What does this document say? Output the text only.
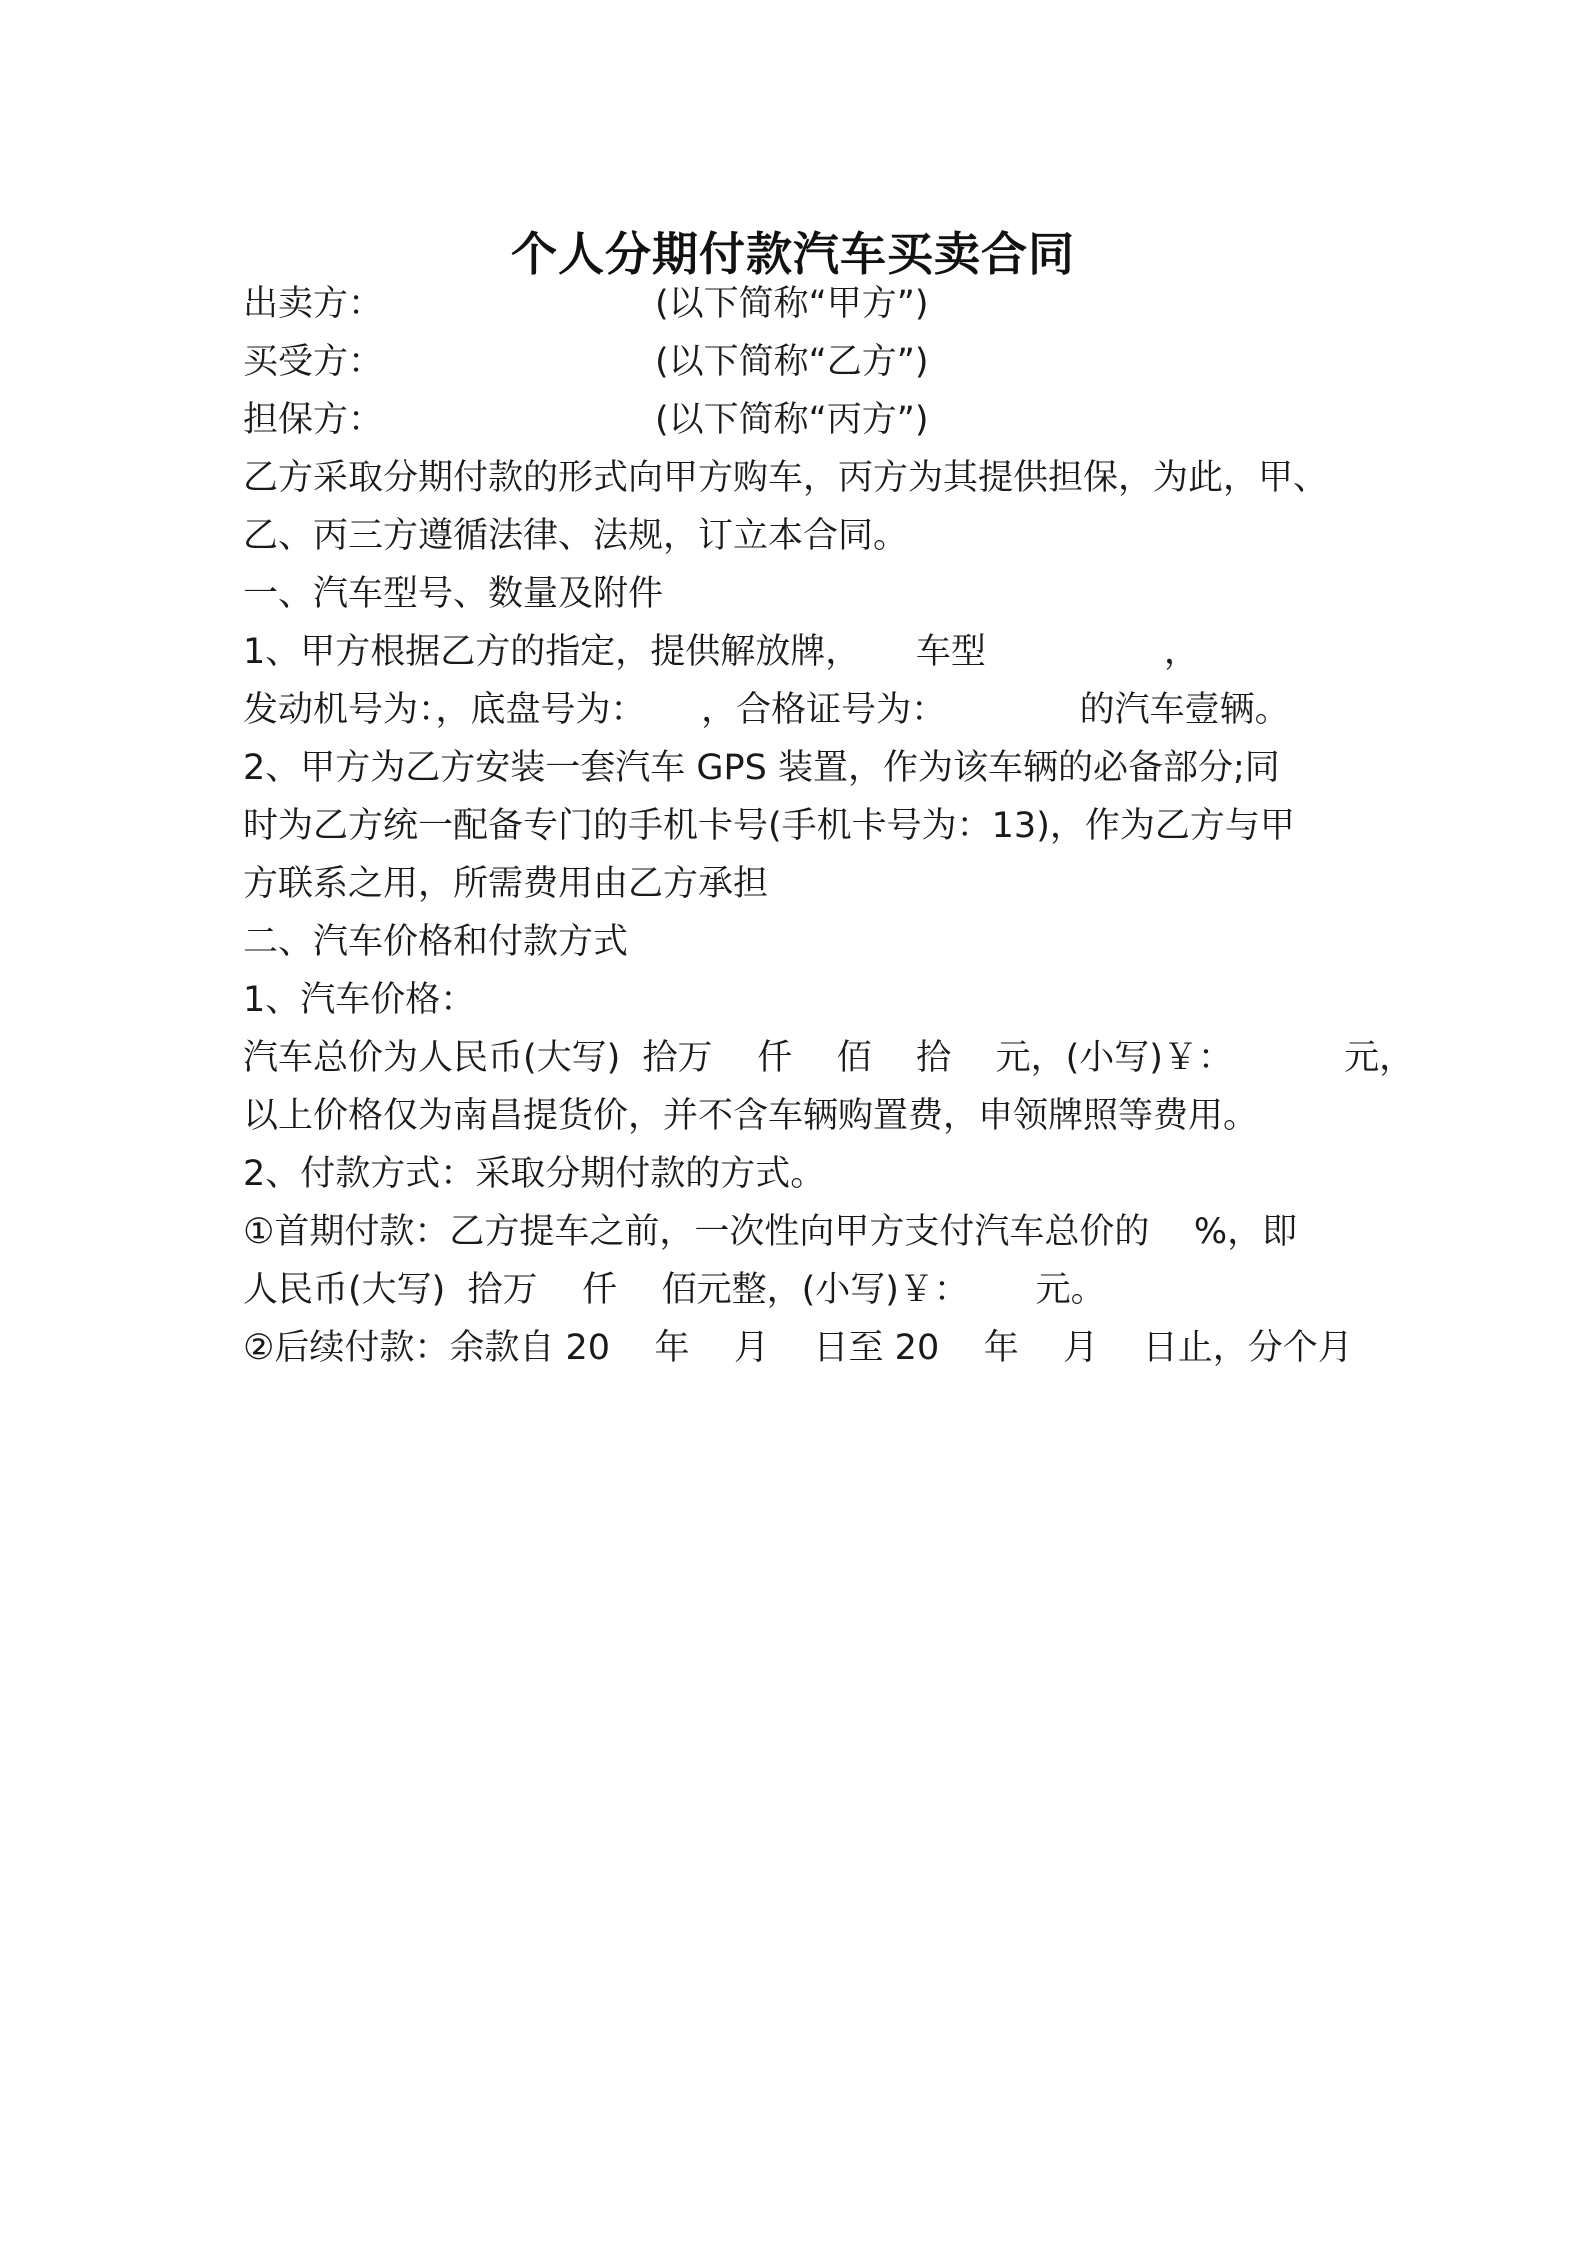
个人分期付款汽车买卖合同
出卖方：	(以下简称“甲方”)
买受方：	(以下简称“乙方”)
担保方：	(以下简称“丙方”)
乙方采取分期付款的形式向甲方购车，丙方为其提供担保，为此，甲、
乙、丙三方遵循法律、法规，订立本合同。
一、汽车型号、数量及附件
1、甲方根据乙方的指定，提供解放牌，     车型                ，
发动机号为：，底盘号为：     ，合格证号为：            的汽车壹辆。
2、甲方为乙方安装一套汽车 GPS 装置，作为该车辆的必备部分;同
时为乙方统一配备专门的手机卡号(手机卡号为：13)，作为乙方与甲
方联系之用，所需费用由乙方承担
二、汽车价格和付款方式
1、汽车价格：
汽车总价为人民币(大写)  拾万    仟    佰    拾    元，(小写)￥：          元，
以上价格仅为南昌提货价，并不含车辆购置费，申领牌照等费用。
2、付款方式：采取分期付款的方式。
①首期付款：乙方提车之前，一次性向甲方支付汽车总价的    %，即
人民币(大写)  拾万    仟    佰元整，(小写)￥：      元。
②后续付款：余款自 20    年    月    日至 20    年    月    日止，分个月
